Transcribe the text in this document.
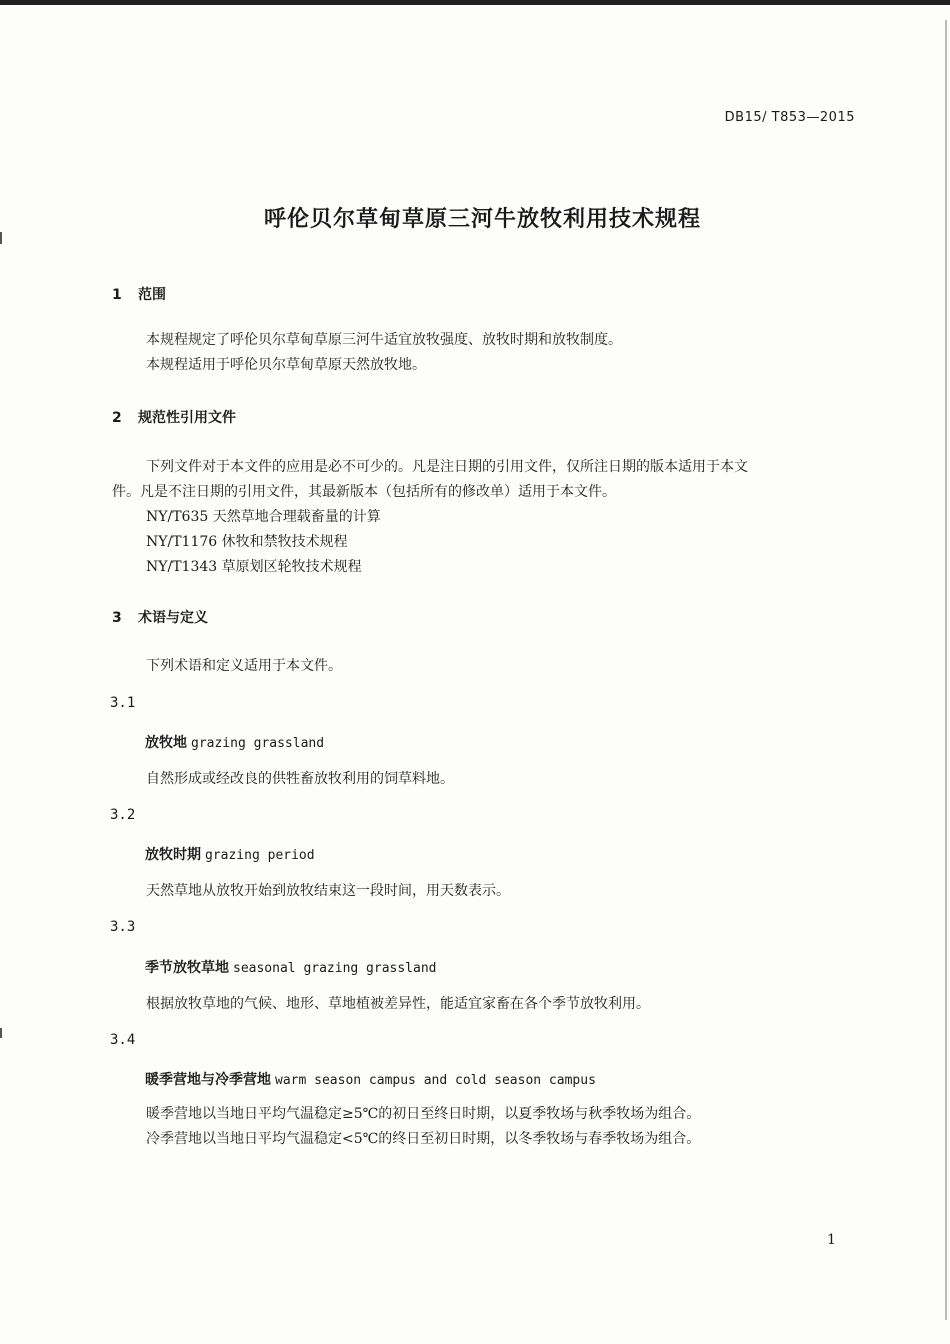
DB15/ T853—2015
呼伦贝尔草甸草原三河牛放牧利用技术规程
1 范围
本规程规定了呼伦贝尔草甸草原三河牛适宜放牧强度、放牧时期和放牧制度。
本规程适用于呼伦贝尔草甸草原天然放牧地。
2 规范性引用文件
下列文件对于本文件的应用是必不可少的。凡是注日期的引用文件，仅所注日期的版本适用于本文
件。凡是不注日期的引用文件，其最新版本（包括所有的修改单）适用于本文件。
NY/T635 天然草地合理载畜量的计算
NY/T1176 休牧和禁牧技术规程
NY/T1343 草原划区轮牧技术规程
3 术语与定义
下列术语和定义适用于本文件。
3.1
放牧地 grazing grassland
自然形成或经改良的供牲畜放牧利用的饲草料地。
3.2
放牧时期 grazing period
天然草地从放牧开始到放牧结束这一段时间，用天数表示。
3.3
季节放牧草地 seasonal grazing grassland
根据放牧草地的气候、地形、草地植被差异性，能适宜家畜在各个季节放牧利用。
3.4
暖季营地与冷季营地 warm season campus and cold season campus
暖季营地以当地日平均气温稳定≥5℃的初日至终日时期，以夏季牧场与秋季牧场为组合。
冷季营地以当地日平均气温稳定<5℃的终日至初日时期，以冬季牧场与春季牧场为组合。
1
